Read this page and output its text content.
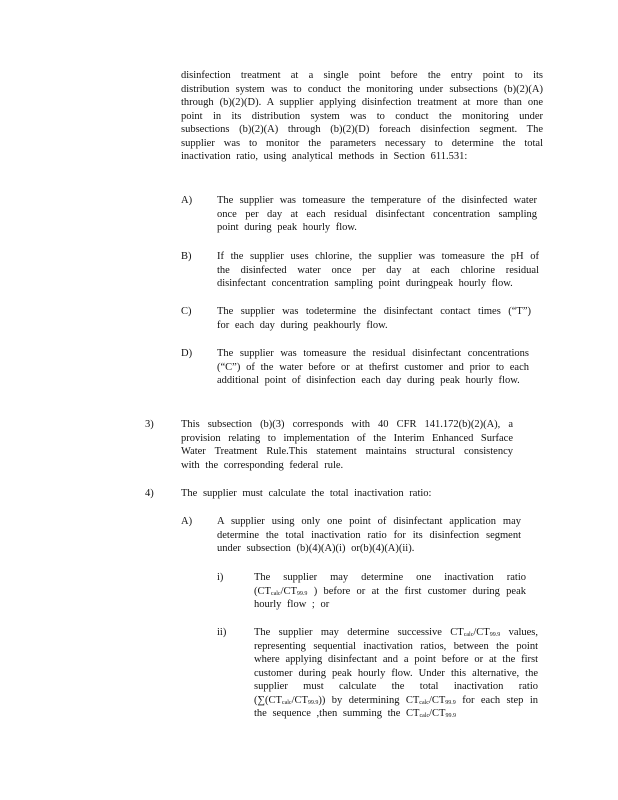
disinfection treatment at a single point before the entry point to its distribution system was to conduct the monitoring under subsections (b)(2)(A) through (b)(2)(D). A supplier applying disinfection treatment at more than one point in its distribution system was to conduct the monitoring under subsections (b)(2)(A) through (b)(2)(D) foreach disinfection segment. The supplier was to monitor the parameters necessary to determine the total inactivation ratio, using analytical methods in Section 611.531:

A) The supplier was tomeasure the temperature of the disinfected water once per day at each residual disinfectant concentration sampling point during peak hourly flow.

B) If the supplier uses chlorine, the supplier was tomeasure the pH of the disinfected water once per day at each chlorine residual disinfectant concentration sampling point duringpeak hourly flow.

C) The supplier was todetermine the disinfectant contact times (“T”) for each day during peakhourly flow.

D) The supplier was tomeasure the residual disinfectant concentrations (“C”) of the water before or at thefirst customer and prior to each additional point of disinfection each day during peak hourly flow.

3)	This subsection (b)(3) corresponds with 40 CFR 141.172(b)(2)(A), a provision relating to implementation of the Interim Enhanced Surface Water Treatment Rule.This statement maintains structural consistency with the corresponding federal rule.

4)	The supplier must calculate the total inactivation ratio:

A) A supplier using only one point of disinfectant application may determine the total inactivation ratio for its disinfection segment under subsection (b)(4)(A)(i) or(b)(4)(A)(ii).

i)	The supplier may determine one inactivation ratio ($CT_{calc}/CT_{99.9}$ ) before or at the first customer during peak hourly flow ; or

ii)	The supplier may determine successive $CT_{calc}/CT_{99.9}$ values, representing sequential inactivation ratios, between the point where applying disinfectant and a point before or at the first customer during peak hourly flow. Under this alternative, the supplier must calculate the total inactivation ratio $(\sum(CT_{calc}/CT_{99.9}))$ by determining $CT_{calc}/CT_{99.9}$ for each step in the sequence ,then summing the $CT_{calc}/CT_{99.9}$
